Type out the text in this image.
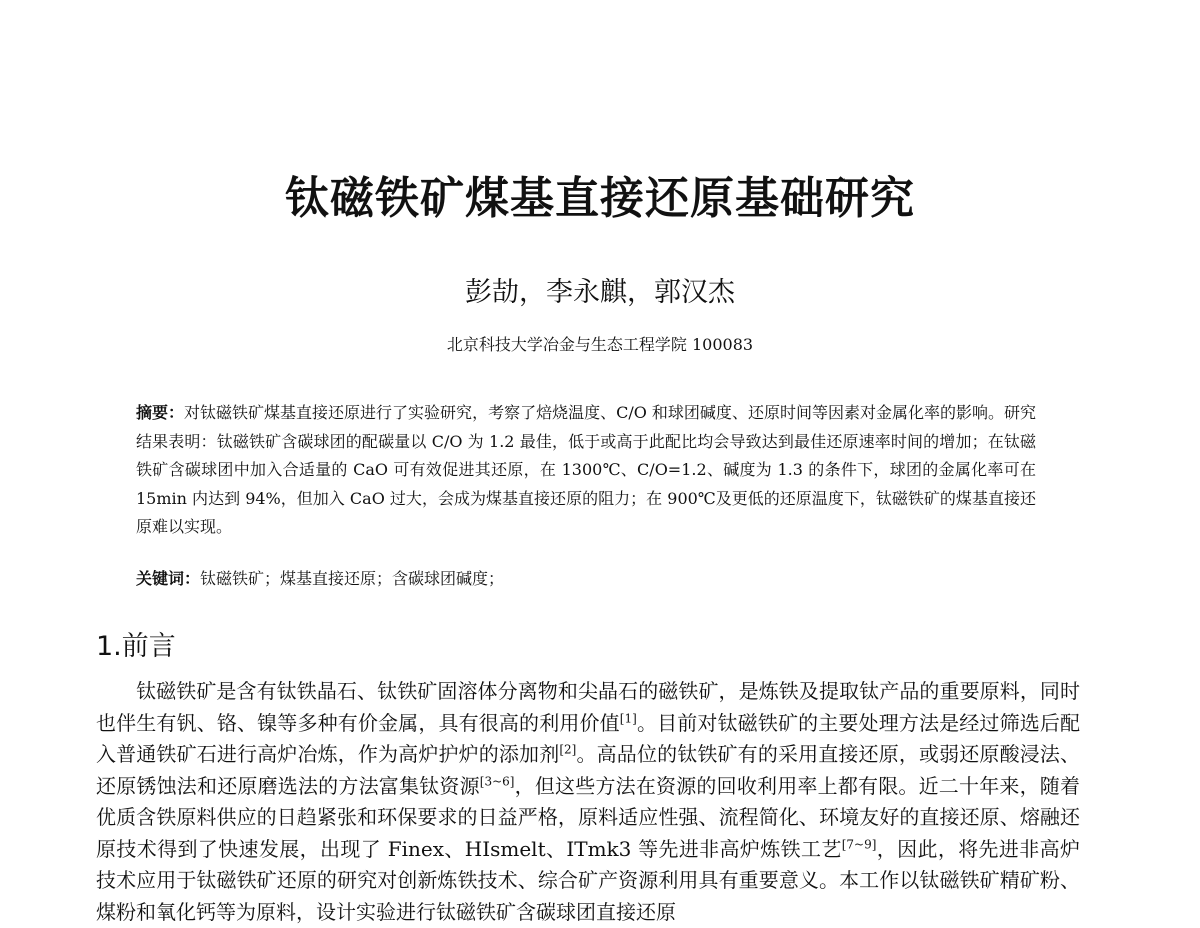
钛磁铁矿煤基直接还原基础研究
彭劼，李永麒，郭汉杰
北京科技大学冶金与生态工程学院 100083
摘要：对钛磁铁矿煤基直接还原进行了实验研究，考察了焙烧温度、C/O 和球团碱度、还原时间等因素对金属化率的影响。研究结果表明：钛磁铁矿含碳球团的配碳量以 C/O 为 1.2 最佳，低于或高于此配比均会导致达到最佳还原速率时间的增加；在钛磁铁矿含碳球团中加入合适量的 CaO 可有效促进其还原，在 1300℃、C/O=1.2、碱度为 1.3 的条件下，球团的金属化率可在 15min 内达到 94%，但加入 CaO 过大，会成为煤基直接还原的阻力；在 900℃及更低的还原温度下，钛磁铁矿的煤基直接还原难以实现。
关键词：钛磁铁矿；煤基直接还原；含碳球团碱度；
1.前言
钛磁铁矿是含有钛铁晶石、钛铁矿固溶体分离物和尖晶石的磁铁矿，是炼铁及提取钛产品的重要原料，同时也伴生有钒、铬、镍等多种有价金属，具有很高的利用价值[1]。目前对钛磁铁矿的主要处理方法是经过筛选后配入普通铁矿石进行高炉冶炼，作为高炉护炉的添加剂[2]。高品位的钛铁矿有的采用直接还原，或弱还原酸浸法、还原锈蚀法和还原磨选法的方法富集钛资源[3~6]，但这些方法在资源的回收利用率上都有限。近二十年来，随着优质含铁原料供应的日趋紧张和环保要求的日益严格，原料适应性强、流程简化、环境友好的直接还原、熔融还原技术得到了快速发展，出现了 Finex、HIsmelt、ITmk3 等先进非高炉炼铁工艺[7~9]，因此，将先进非高炉技术应用于钛磁铁矿还原的研究对创新炼铁技术、综合矿产资源利用具有重要意义。本工作以钛磁铁矿精矿粉、煤粉和氧化钙等为原料，设计实验进行钛磁铁矿含碳球团直接还原
